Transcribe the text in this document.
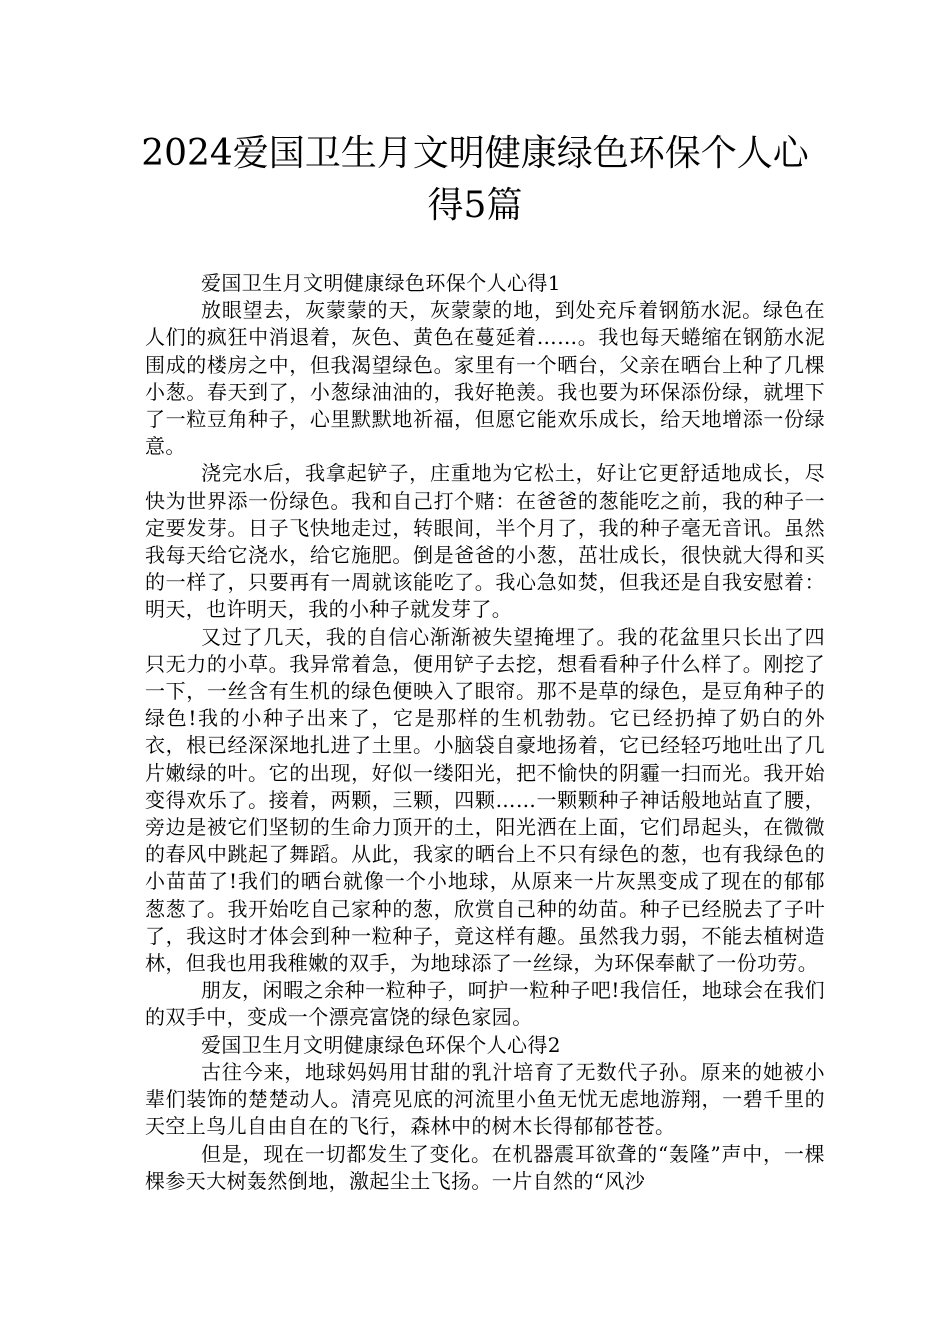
2024爱国卫生月文明健康绿色环保个人心
得5篇
爱国卫生月文明健康绿色环保个人心得1

放眼望去，灰蒙蒙的天，灰蒙蒙的地，到处充斥着钢筋水泥。绿色在人们的疯狂中消退着，灰色、黄色在蔓延着……。我也每天蜷缩在钢筋水泥围成的楼房之中，但我渴望绿色。家里有一个晒台，父亲在晒台上种了几棵小葱。春天到了，小葱绿油油的，我好艳羡。我也要为环保添份绿，就埋下了一粒豆角种子，心里默默地祈福，但愿它能欢乐成长，给天地增添一份绿意。

浇完水后，我拿起铲子，庄重地为它松土，好让它更舒适地成长，尽快为世界添一份绿色。我和自己打个赌：在爸爸的葱能吃之前，我的种子一定要发芽。日子飞快地走过，转眼间，半个月了，我的种子毫无音讯。虽然我每天给它浇水，给它施肥。倒是爸爸的小葱，茁壮成长，很快就大得和买的一样了，只要再有一周就该能吃了。我心急如焚，但我还是自我安慰着：明天，也许明天，我的小种子就发芽了。

又过了几天，我的自信心渐渐被失望掩埋了。我的花盆里只长出了四只无力的小草。我异常着急，便用铲子去挖，想看看种子什么样了。刚挖了一下，一丝含有生机的绿色便映入了眼帘。那不是草的绿色，是豆角种子的绿色!我的小种子出来了，它是那样的生机勃勃。它已经扔掉了奶白的外衣，根已经深深地扎进了土里。小脑袋自豪地扬着，它已经轻巧地吐出了几片嫩绿的叶。它的出现，好似一缕阳光，把不愉快的阴霾一扫而光。我开始变得欢乐了。接着，两颗，三颗，四颗……一颗颗种子神话般地站直了腰，旁边是被它们坚韧的生命力顶开的土，阳光洒在上面，它们昂起头，在微微的春风中跳起了舞蹈。从此，我家的晒台上不只有绿色的葱，也有我绿色的小苗苗了!我们的晒台就像一个小地球，从原来一片灰黑变成了现在的郁郁葱葱了。我开始吃自己家种的葱，欣赏自己种的幼苗。种子已经脱去了子叶了，我这时才体会到种一粒种子，竟这样有趣。虽然我力弱，不能去植树造林，但我也用我稚嫩的双手，为地球添了一丝绿，为环保奉献了一份功劳。

朋友，闲暇之余种一粒种子，呵护一粒种子吧!我信任，地球会在我们的双手中，变成一个漂亮富饶的绿色家园。

爱国卫生月文明健康绿色环保个人心得2

古往今来，地球妈妈用甘甜的乳汁培育了无数代子孙。原来的她被小辈们装饰的楚楚动人。清亮见底的河流里小鱼无忧无虑地游翔，一碧千里的天空上鸟儿自由自在的飞行，森林中的树木长得郁郁苍苍。

但是，现在一切都发生了变化。在机器震耳欲聋的“轰隆”声中，一棵棵参天大树轰然倒地，激起尘土飞扬。一片自然的“风沙
